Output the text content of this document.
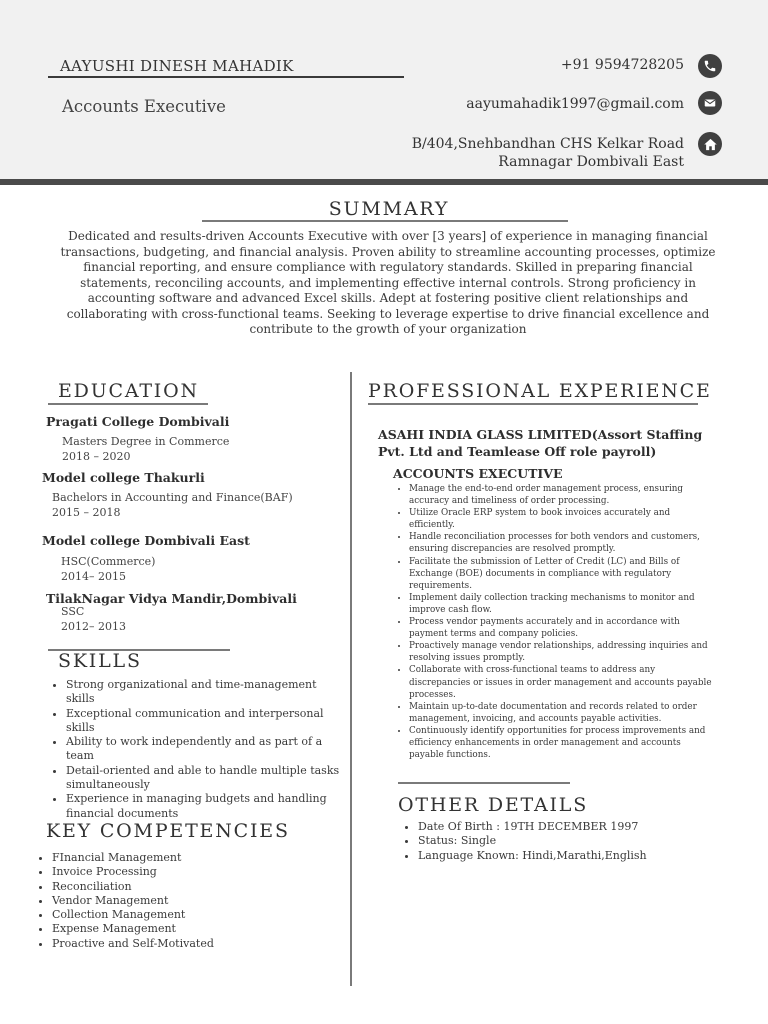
AAYUSHI DINESH MAHADIK
Accounts Executive
+91 9594728205
aayumahadik1997@gmail.com
B/404,Snehbandhan CHS Kelkar Road
Ramnagar Dombivali East
SUMMARY
Dedicated and results-driven Accounts Executive with over [3 years] of experience in managing financial transactions, budgeting, and financial analysis. Proven ability to streamline accounting processes, optimize financial reporting, and ensure compliance with regulatory standards. Skilled in preparing financial statements, reconciling accounts, and implementing effective internal controls. Strong proficiency in accounting software and advanced Excel skills. Adept at fostering positive client relationships and collaborating with cross-functional teams. Seeking to leverage expertise to drive financial excellence and contribute to the growth of your organization
EDUCATION
Pragati College Dombivali
Masters Degree in Commerce
2018 – 2020
Model college Thakurli
Bachelors in Accounting and Finance(BAF)
2015 – 2018
Model college Dombivali East
HSC(Commerce)
2014– 2015
TilakNagar Vidya Mandir,Dombivali
SSC
2012– 2013
SKILLS
• Strong organizational and time-management skills
• Exceptional communication and interpersonal skills
• Ability to work independently and as part of a team
• Detail-oriented and able to handle multiple tasks simultaneously
• Experience in managing budgets and handling financial documents
KEY COMPETENCIES
• FInancial Management
• Invoice Processing
• Reconciliation
• Vendor Management
• Collection Management
• Expense Management
• Proactive and Self-Motivated
PROFESSIONAL EXPERIENCE
ASAHI INDIA GLASS LIMITED(Assort Staffing Pvt. Ltd and Teamlease Off role payroll)
ACCOUNTS EXECUTIVE
• Manage the end-to-end order management process, ensuring accuracy and timeliness of order processing.
• Utilize Oracle ERP system to book invoices accurately and efficiently.
• Handle reconciliation processes for both vendors and customers, ensuring discrepancies are resolved promptly.
• Facilitate the submission of Letter of Credit (LC) and Bills of Exchange (BOE) documents in compliance with regulatory requirements.
• Implement daily collection tracking mechanisms to monitor and improve cash flow.
• Process vendor payments accurately and in accordance with payment terms and company policies.
• Proactively manage vendor relationships, addressing inquiries and resolving issues promptly.
• Collaborate with cross-functional teams to address any discrepancies or issues in order management and accounts payable processes.
• Maintain up-to-date documentation and records related to order management, invoicing, and accounts payable activities.
• Continuously identify opportunities for process improvements and efficiency enhancements in order management and accounts payable functions.
OTHER DETAILS
• Date Of Birth : 19TH DECEMBER 1997
• Status: Single
• Language Known: Hindi,Marathi,English
